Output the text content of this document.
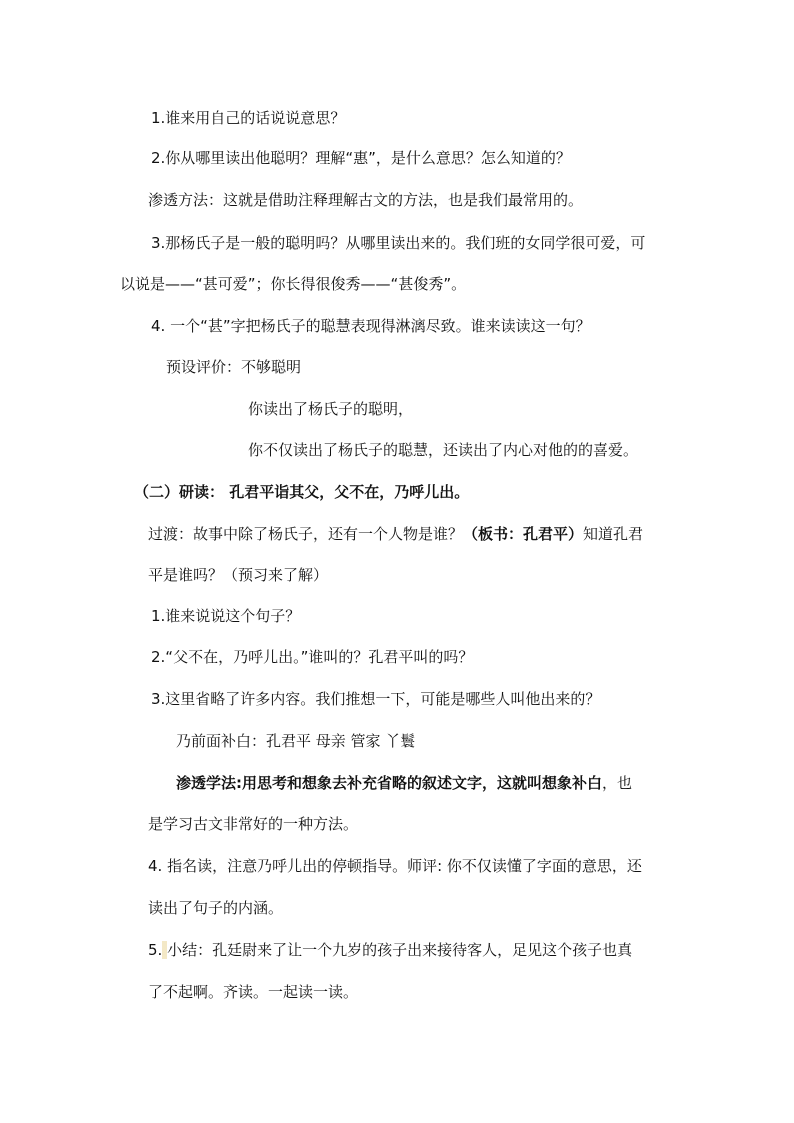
1.谁来用自己的话说说意思？
2.你从哪里读出他聪明？理解“惠”，是什么意思？怎么知道的？
渗透方法：这就是借助注释理解古文的方法，也是我们最常用的。
3.那杨氏子是一般的聪明吗？从哪里读出来的。我们班的女同学很可爱，可
以说是——“甚可爱”；你长得很俊秀——“甚俊秀”。
4. 一个“甚”字把杨氏子的聪慧表现得淋漓尽致。谁来读读这一句？
预设评价：不够聪明
你读出了杨氏子的聪明，
你不仅读出了杨氏子的聪慧，还读出了内心对他的的喜爱。
（二）研读： 孔君平诣其父，父不在，乃呼儿出。
过渡：故事中除了杨氏子，还有一个人物是谁？（板书：孔君平）知道孔君
平是谁吗？（预习来了解）
1.谁来说说这个句子？
2.“父不在，乃呼儿出。”谁叫的？孔君平叫的吗？
3.这里省略了许多内容。我们推想一下，可能是哪些人叫他出来的？
乃前面补白：孔君平 母亲 管家 丫鬟
渗透学法:用思考和想象去补充省略的叙述文字，这就叫想象补白，也
是学习古文非常好的一种方法。
4. 指名读，注意乃呼儿出的停顿指导。师评: 你不仅读懂了字面的意思，还
读出了句子的内涵。
5. 小结：孔廷尉来了让一个九岁的孩子出来接待客人，足见这个孩子也真
了不起啊。齐读。一起读一读。
